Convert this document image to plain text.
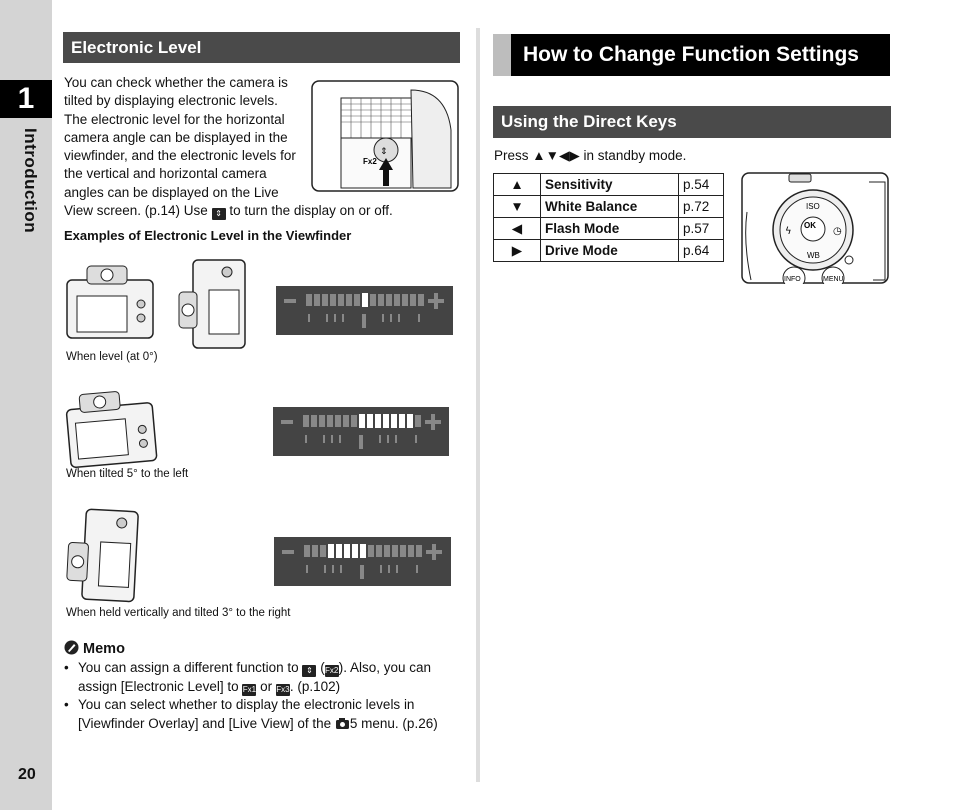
1
Introduction
20
Electronic Level
You can check whether the camera is tilted by displaying electronic levels. The electronic level for the horizontal camera angle can be displayed in the viewfinder, and the electronic levels for the vertical and horizontal camera angles can be displayed on the Live
⇕
Fx2
View screen. (p.14) Use ⇕ to turn the display on or off.
Examples of Electronic Level in the Viewfinder
When level (at 0°)
When tilted 5° to the left
When held vertically and tilted 3° to the right
Memo
• You can assign a different function to ⇕ (Fx2). Also, you can assign [Electronic Level] to Fx1 or Fx3. (p.102)
• You can select whether to display the electronic levels in [Viewfinder Overlay] and [Live View] of the 5 menu. (p.26)
How to Change Function Settings
Using the Direct Keys
Press ▲▼◀▶ in standby mode.
▲	Sensitivity	p.54
▼	White Balance	p.72
◀	Flash Mode	p.57
▶	Drive Mode	p.64
OK
ISO
WB
ϟ	◷
INFO	MENU
